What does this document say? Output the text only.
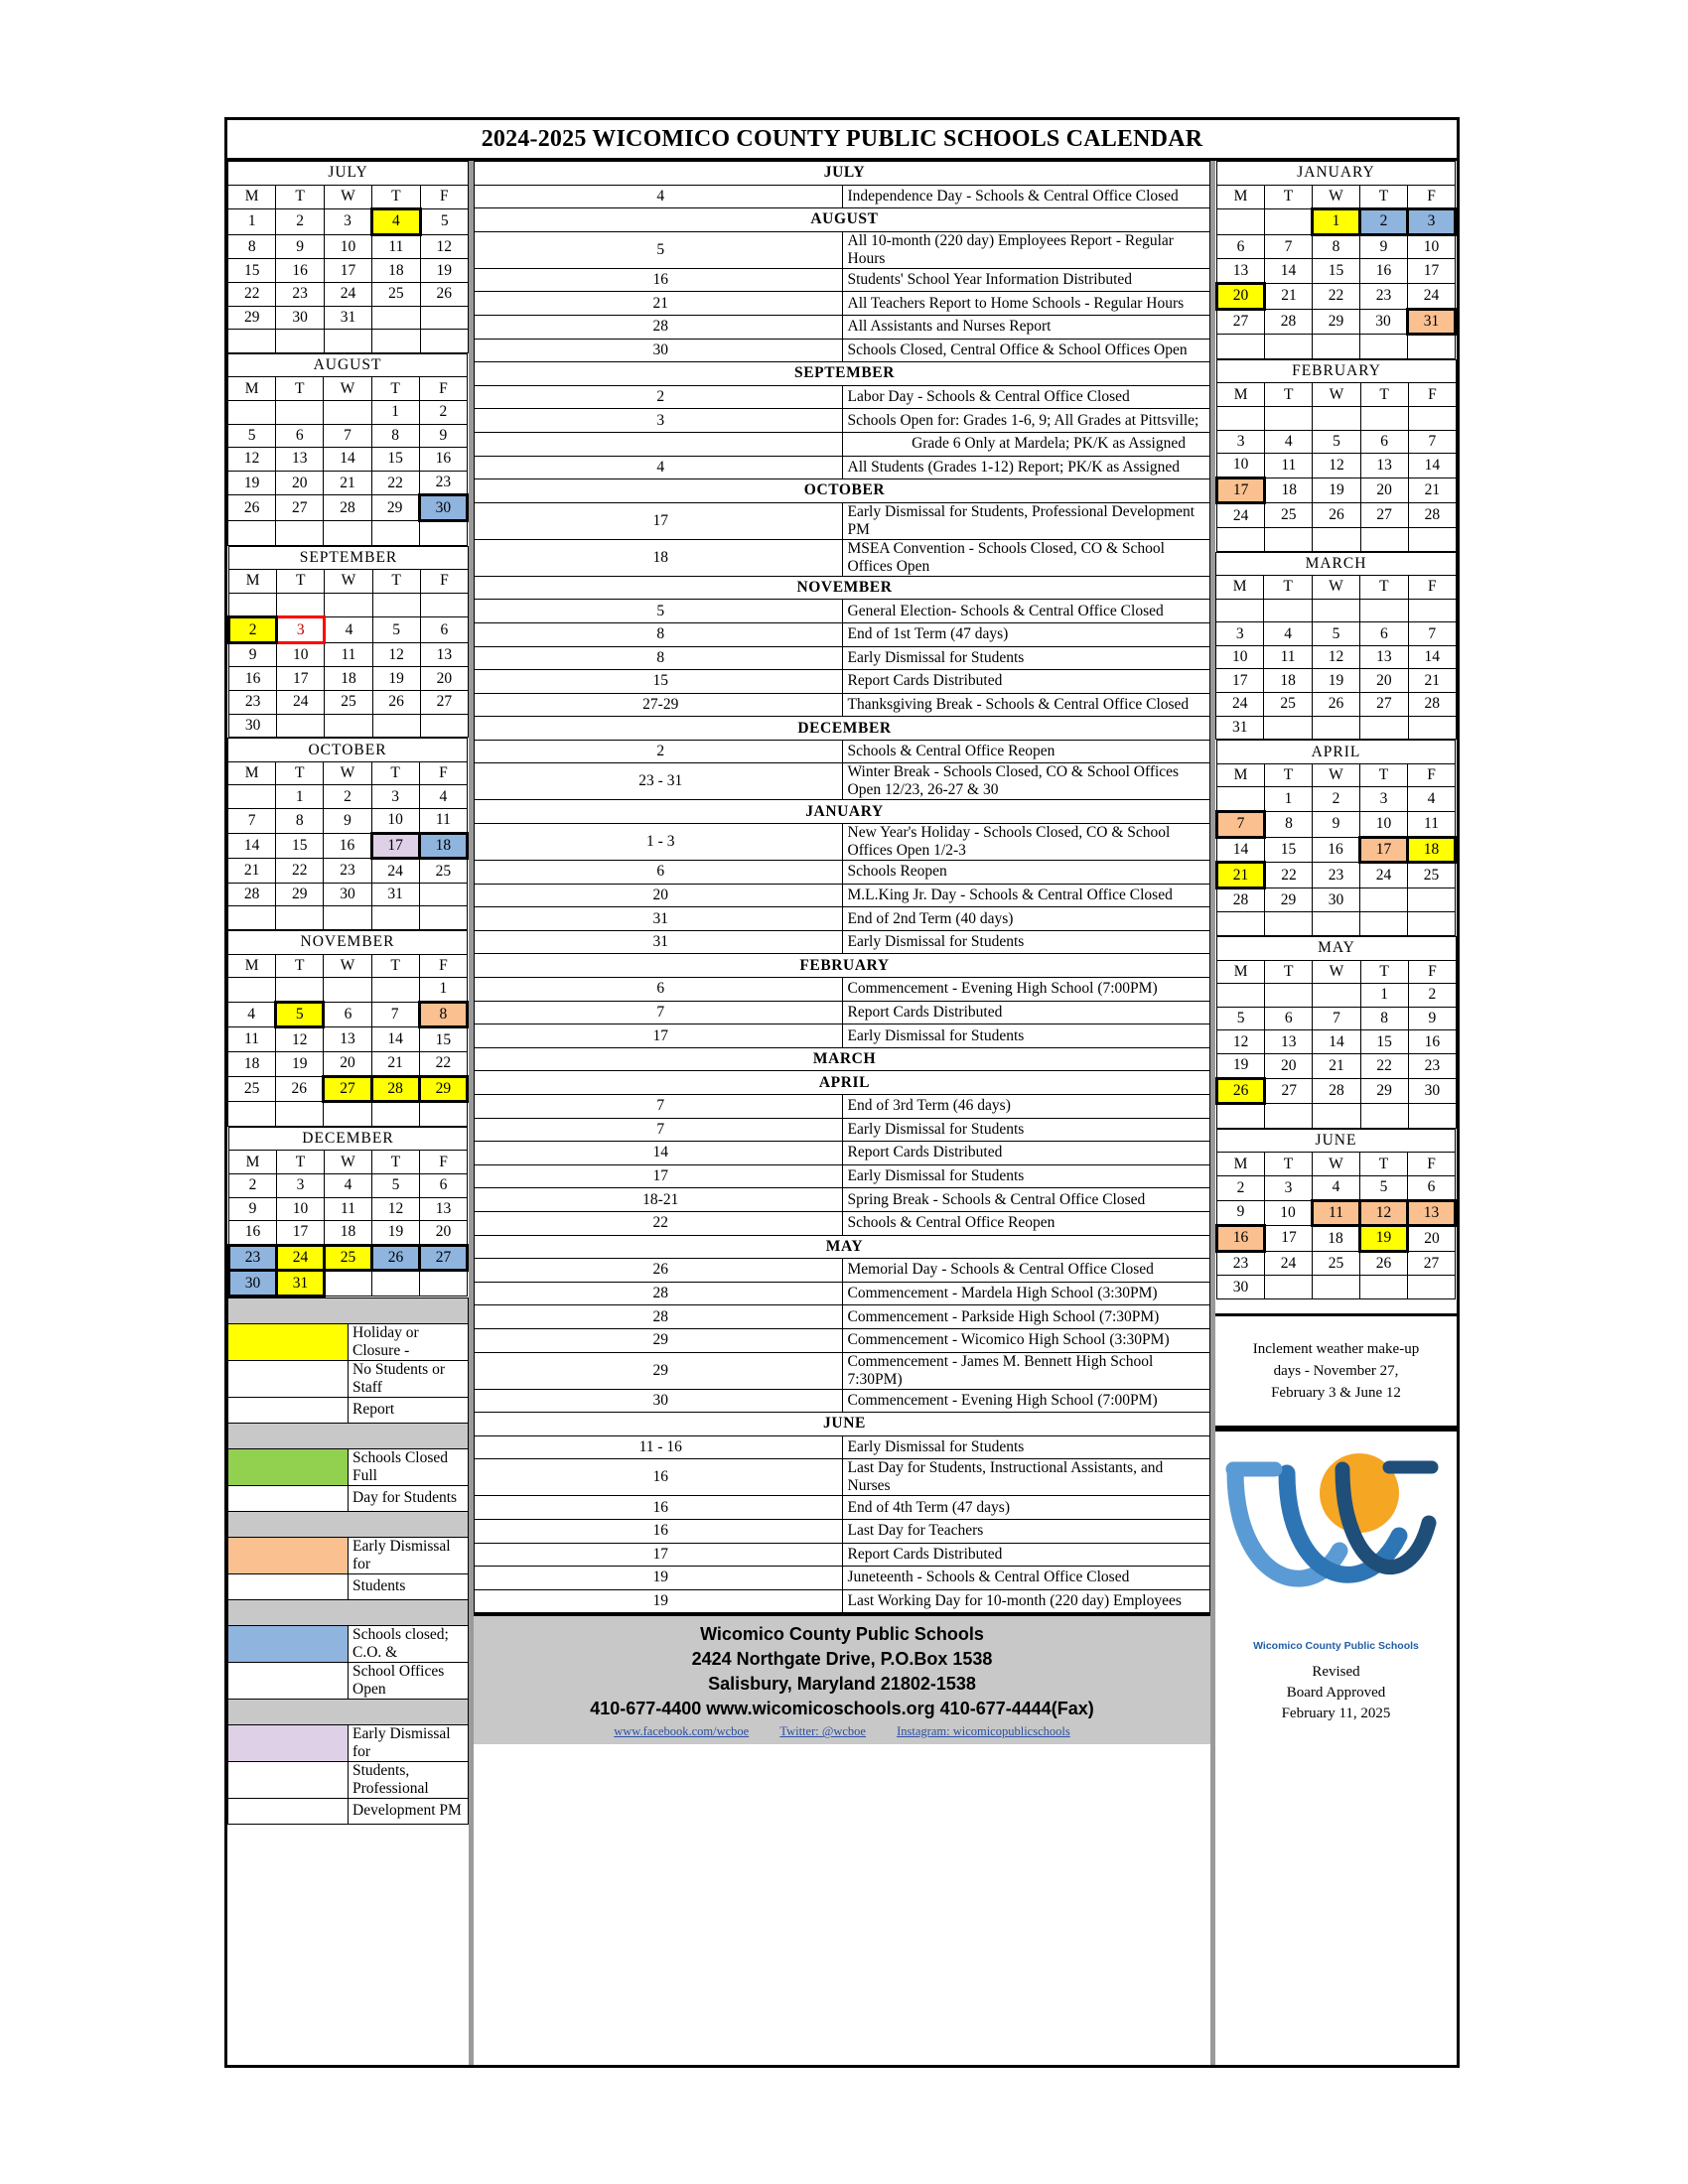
2024-2025 WICOMICO COUNTY PUBLIC SCHOOLS CALENDAR
JULY				
M	T	W	T	F
1	2	3	4	5
8	9	10	11	12
15	16	17	18	19
22	23	24	25	26
29	30	31		

AUGUST				
M	T	W	T	F
			1	2
5	6	7	8	9
12	13	14	15	16
19	20	21	22	23
26	27	28	29	30

SEPTEMBER				
M	T	W	T	F

2	3	4	5	6
9	10	11	12	13
16	17	18	19	20
23	24	25	26	27
30				
OCTOBER				
M	T	W	T	F
	1	2	3	4
7	8	9	10	11
14	15	16	17	18
21	22	23	24	25
28	29	30	31	

NOVEMBER				
M	T	W	T	F
				1
4	5	6	7	8
11	12	13	14	15
18	19	20	21	22
25	26	27	28	29

DECEMBER				
M	T	W	T	F
2	3	4	5	6
9	10	11	12	13
16	17	18	19	20
23	24	25	26	27
30	31			

	Holiday or Closure -
	No Students or Staff
	Report

	Schools Closed Full
	Day for Students

	Early Dismissal for
	Students

	Schools closed; C.O. &
	School Offices Open

	Early Dismissal for
	Students, Professional
	Development PM
JULY	
4	Independence Day - Schools & Central Office Closed
AUGUST	
5	All 10-month (220 day) Employees Report - Regular Hours
16	Students' School Year Information Distributed
21	All Teachers Report to Home Schools - Regular Hours
28	All Assistants and Nurses Report
30	Schools Closed, Central Office & School Offices Open
SEPTEMBER	
2	Labor Day - Schools & Central Office Closed
3	Schools Open for: Grades 1-6, 9; All Grades at Pittsville;
	Grade 6 Only at Mardela; PK/K as Assigned
4	All Students (Grades 1-12) Report; PK/K as Assigned
OCTOBER	
17	Early Dismissal for Students, Professional Development PM
18	MSEA Convention - Schools Closed, CO & School Offices Open
NOVEMBER	
5	General Election- Schools & Central Office Closed
8	End of 1st Term (47 days)
8	Early Dismissal for Students
15	Report Cards Distributed
27-29	Thanksgiving Break - Schools & Central Office Closed
DECEMBER	
2	Schools & Central Office Reopen
23 - 31	Winter Break - Schools Closed, CO & School Offices Open 12/23, 26-27 & 30
JANUARY	
1 - 3	New Year's Holiday - Schools Closed, CO & School Offices Open 1/2-3
6	Schools Reopen
20	M.L.King Jr. Day - Schools & Central Office Closed
31	End of 2nd Term (40 days)
31	Early Dismissal for Students
FEBRUARY	
6	Commencement - Evening High School (7:00PM)
7	Report Cards Distributed
17	Early Dismissal for Students
MARCH	
APRIL	
7	End of 3rd Term (46 days)
7	Early Dismissal for Students
14	Report Cards Distributed
17	Early Dismissal for Students
18-21	Spring Break - Schools & Central Office Closed
22	Schools & Central Office Reopen
MAY	
26	Memorial Day - Schools & Central Office Closed
28	Commencement - Mardela High School (3:30PM)
28	Commencement - Parkside High School (7:30PM)
29	Commencement - Wicomico High School (3:30PM)
29	Commencement - James M. Bennett High School 7:30PM)
30	Commencement - Evening High School (7:00PM)
JUNE	
11 - 16	Early Dismissal for Students
16	Last Day for Students, Instructional Assistants, and Nurses
16	End of 4th Term (47 days)
16	Last Day for Teachers
17	Report Cards Distributed
19	Juneteenth - Schools & Central Office Closed
19	Last Working Day for 10-month (220 day) Employees
Wicomico County Public Schools
2424 Northgate Drive, P.O.Box 1538
Salisbury, Maryland 21802-1538
410-677-4400 www.wicomicoschools.org 410-677-4444(Fax)
www.facebook.com/wcboe Twitter: @wcboe Instagram: wicomicopublicschools
JANUARY				
M	T	W	T	F
		1	2	3
6	7	8	9	10
13	14	15	16	17
20	21	22	23	24
27	28	29	30	31

FEBRUARY				
M	T	W	T	F

3	4	5	6	7
10	11	12	13	14
17	18	19	20	21
24	25	26	27	28

MARCH				
M	T	W	T	F

3	4	5	6	7
10	11	12	13	14
17	18	19	20	21
24	25	26	27	28
31				
APRIL				
M	T	W	T	F
	1	2	3	4
7	8	9	10	11
14	15	16	17	18
21	22	23	24	25
28	29	30		

MAY				
M	T	W	T	F
			1	2
5	6	7	8	9
12	13	14	15	16
19	20	21	22	23
26	27	28	29	30

JUNE				
M	T	W	T	F
2	3	4	5	6
9	10	11	12	13
16	17	18	19	20
23	24	25	26	27
30				
Inclement weather make-up
days - November 27,
February 3 & June 12
Wicomico County Public Schools
Revised
Board Approved
February 11, 2025
